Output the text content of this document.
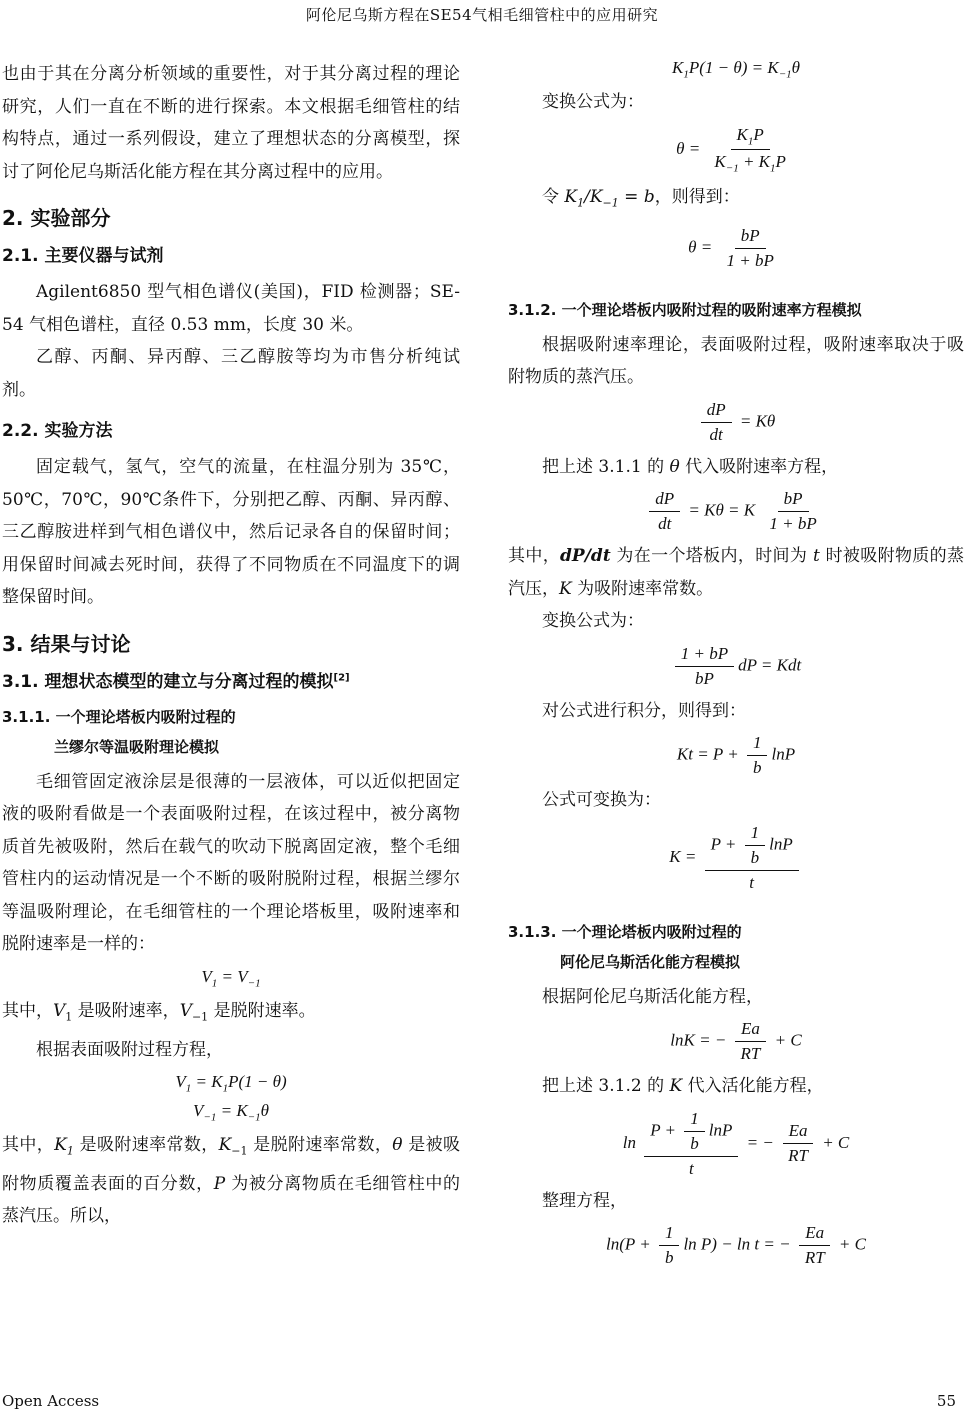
阿伦尼乌斯方程在SE54气相毛细管柱中的应用研究

也由于其在分离分析领域的重要性，对于其分离过程的理论研究，人们一直在不断的进行探索。本文根据毛细管柱的结构特点，通过一系列假设，建立了理想状态的分离模型，探讨了阿伦尼乌斯活化能方程在其分离过程中的应用。

2. 实验部分
2.1. 主要仪器与试剂

Agilent6850 型气相色谱仪(美国)，FID 检测器；SE-54 气相色谱柱，直径 0.53 mm，长度 30 米。

乙醇、丙酮、异丙醇、三乙醇胺等均为市售分析纯试剂。

2.2. 实验方法

固定载气，氢气，空气的流量，在柱温分别为 35℃，50℃，70℃，90℃条件下，分别把乙醇、丙酮、异丙醇、三乙醇胺进样到气相色谱仪中，然后记录各自的保留时间；用保留时间减去死时间，获得了不同物质在不同温度下的调整保留时间。

3. 结果与讨论
3.1. 理想状态模型的建立与分离过程的模拟[2]
3.1.1. 一个理论塔板内吸附过程的
兰缪尔等温吸附理论模拟

毛细管固定液涂层是很薄的一层液体，可以近似把固定液的吸附看做是一个表面吸附过程，在该过程中，被分离物质首先被吸附，然后在载气的吹动下脱离固定液，整个毛细管柱内的运动情况是一个不断的吸附脱附过程，根据兰缪尔等温吸附理论，在毛细管柱的一个理论塔板里，吸附速率和脱附速率是一样的：

$V_1 = V_{-1}$

其中，$V_1$ 是吸附速率，$V_{-1}$ 是脱附速率。

根据表面吸附过程方程，

$V_1 = K_1P(1 - \theta)$
$V_{-1} = K_{-1}\theta$

其中，$K_1$ 是吸附速率常数，$K_{-1}$ 是脱附速率常数，θ 是被吸附物质覆盖表面的百分数，P 为被分离物质在毛细管柱中的蒸汽压。所以，

$K_1P(1 - \theta) = K_{-1}\theta$

变换公式为：

$\theta = \frac{K_1P}{K_{-1} + K_1P}$

令 $K_1/K_{-1} = b$，则得到：

$\theta = \frac{bP}{1 + bP}$
3.1.2. 一个理论塔板内吸附过程的吸附速率方程模拟

根据吸附速率理论，表面吸附过程，吸附速率取决于吸附物质的蒸汽压。

$\frac{dP}{dt} = K\theta$

把上述 3.1.1 的 θ 代入吸附速率方程，

$\frac{dP}{dt} = K\theta = K \frac{bP}{1 + bP}$

其中，dP/dt 为在一个塔板内，时间为 t 时被吸附物质的蒸汽压，K 为吸附速率常数。

变换公式为：

$\frac{1 + bP}{bP}$ dP = Kdt

对公式进行积分，则得到：

$Kt = P + \frac{1}{b}$ lnP

公式可变换为：

$K = \frac{P + \frac{1}{b} \ln P}{t}$
3.1.3. 一个理论塔板内吸附过程的
阿伦尼乌斯活化能方程模拟

根据阿伦尼乌斯活化能方程，

lnK = − $\frac{Ea}{RT} + C$

把上述 3.1.2 的 K 代入活化能方程，

$\ln \frac{P + \frac{1}{b} \ln P}{t}$ = − $\frac{Ea}{RT} + C$

整理方程，

$\ln(P + \frac{1}{b}$ ln P) − ln t = − $\frac{Ea}{RT} + C$
Open Access	55
